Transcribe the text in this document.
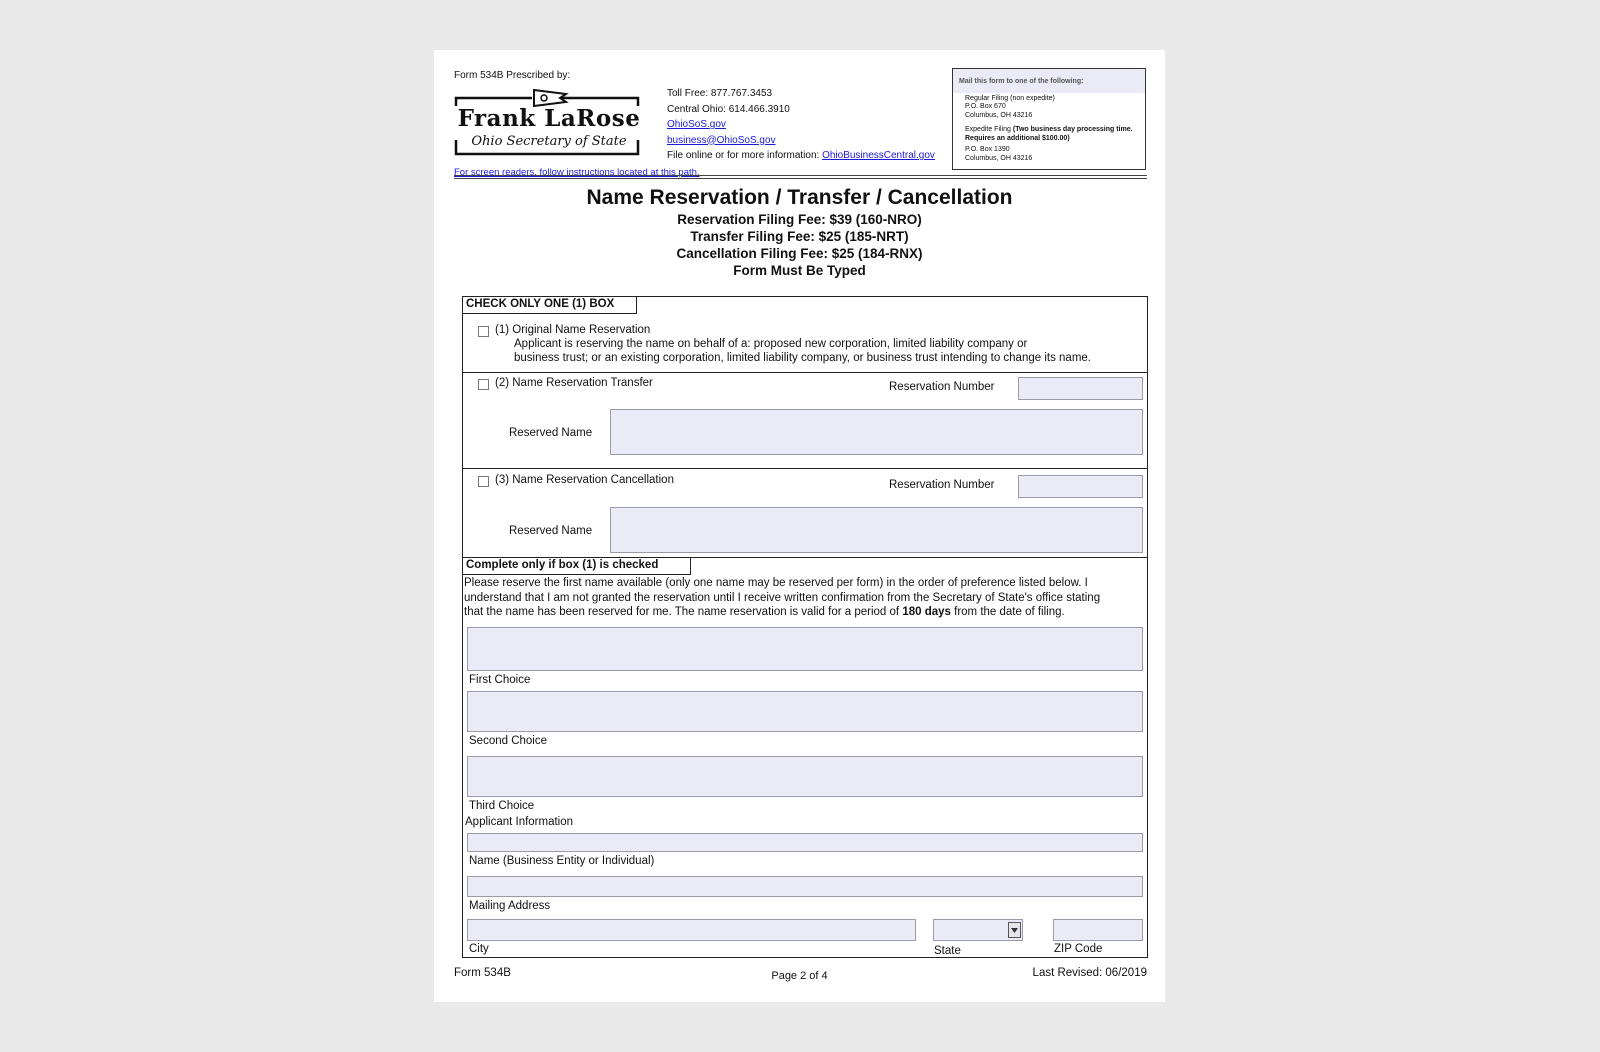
Form 534B Prescribed by:
Frank LaRose
Ohio Secretary of State
Toll Free: 877.767.3453
Central Ohio: 614.466.3910
OhioSoS.gov
business@OhioSoS.gov
File online or for more information: OhioBusinessCentral.gov
For screen readers, follow instructions located at this path.
Mail this form to one of the following:
Regular Filing (non expedite)
P.O. Box 670
Columbus, OH 43216
Expedite Filing (Two business day processing time. Requires an additional $100.00)
P.O. Box 1390
Columbus, OH 43216
Name Reservation / Transfer / Cancellation
Reservation Filing Fee: $39 (160-NRO)
Transfer Filing Fee: $25 (185-NRT)
Cancellation Filing Fee: $25 (184-RNX)
Form Must Be Typed
CHECK ONLY ONE (1) BOX
(1) Original Name Reservation
Applicant is reserving the name on behalf of a: proposed new corporation, limited liability company or
business trust; or an existing corporation, limited liability company, or business trust intending to change its name.
(2) Name Reservation Transfer	Reservation Number
Reserved Name
(3) Name Reservation Cancellation	Reservation Number
Reserved Name
Complete only if box (1) is checked
Please reserve the first name available (only one name may be reserved per form) in the order of preference listed below. I
understand that I am not granted the reservation until I receive written confirmation from the Secretary of State's office stating
that the name has been reserved for me. The name reservation is valid for a period of 180 days from the date of filing.
First Choice
Second Choice
Third Choice
Applicant Information
Name (Business Entity or Individual)
Mailing Address
City	State	ZIP Code
Form 534B	Page 2 of 4	Last Revised: 06/2019
